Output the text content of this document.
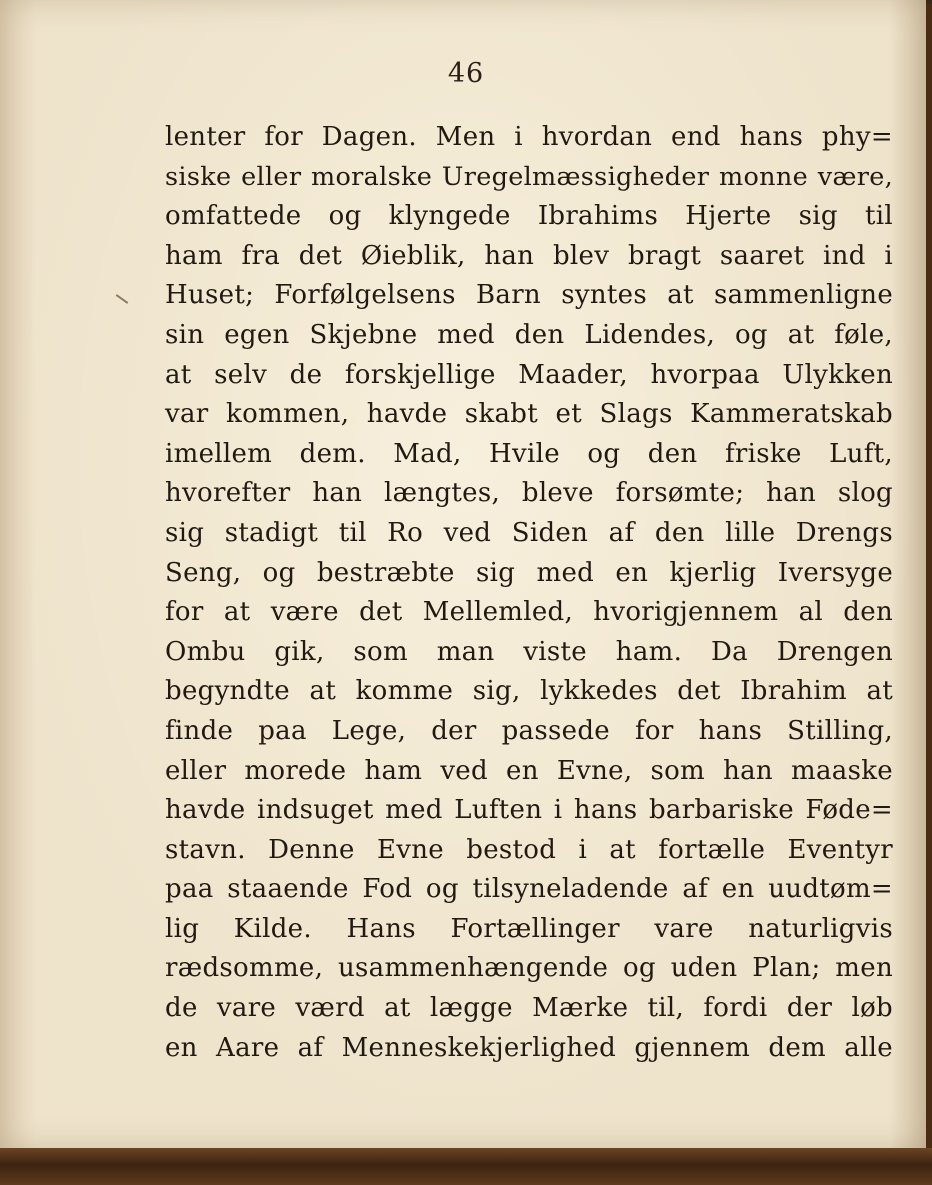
46
lenter for Dagen. Men i hvordan end hans phy=
siske eller moralske Uregelmæssigheder monne være,
omfattede og klyngede Ibrahims Hjerte sig til
ham fra det Øieblik, han blev bragt saaret ind i
Huset; Forfølgelsens Barn syntes at sammenligne
sin egen Skjebne med den Lidendes, og at føle,
at selv de forskjellige Maader, hvorpaa Ulykken
var kommen, havde skabt et Slags Kammeratskab
imellem dem. Mad, Hvile og den friske Luft,
hvorefter han længtes, bleve forsømte; han slog
sig stadigt til Ro ved Siden af den lille Drengs
Seng, og bestræbte sig med en kjerlig Iversyge
for at være det Mellemled, hvorigjennem al den
Ombu gik, som man viste ham. Da Drengen
begyndte at komme sig, lykkedes det Ibrahim at
finde paa Lege, der passede for hans Stilling,
eller morede ham ved en Evne, som han maaske
havde indsuget med Luften i hans barbariske Føde=
stavn. Denne Evne bestod i at fortælle Eventyr
paa staaende Fod og tilsyneladende af en uudtøm=
lig Kilde. Hans Fortællinger vare naturligvis
rædsomme, usammenhængende og uden Plan; men
de vare værd at lægge Mærke til, fordi der løb
en Aare af Menneskekjerlighed gjennem dem alle
